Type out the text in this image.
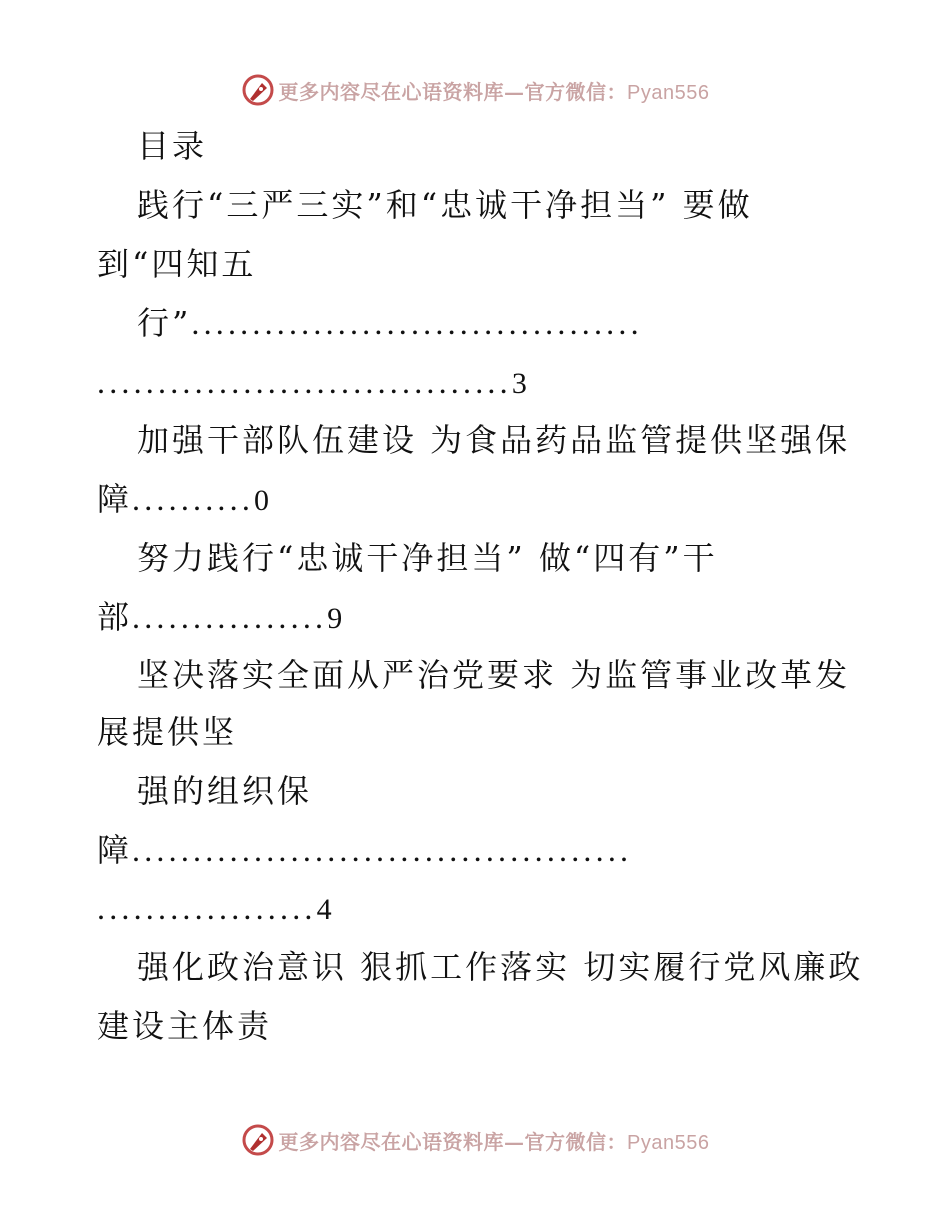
更多内容尽在心语资料库—官方微信：Pyan556
目录
践行“三严三实”和“忠诚干净担当” 要做
到“四知五
行”.....................................
..................................3
加强干部队伍建设 为食品药品监管提供坚强保
障..........0
努力践行“忠诚干净担当” 做“四有”干
部................9
坚决落实全面从严治党要求 为监管事业改革发
展提供坚
强的组织保
障.........................................
..................4
强化政治意识 狠抓工作落实 切实履行党风廉政
建设主体责
更多内容尽在心语资料库—官方微信：Pyan556
